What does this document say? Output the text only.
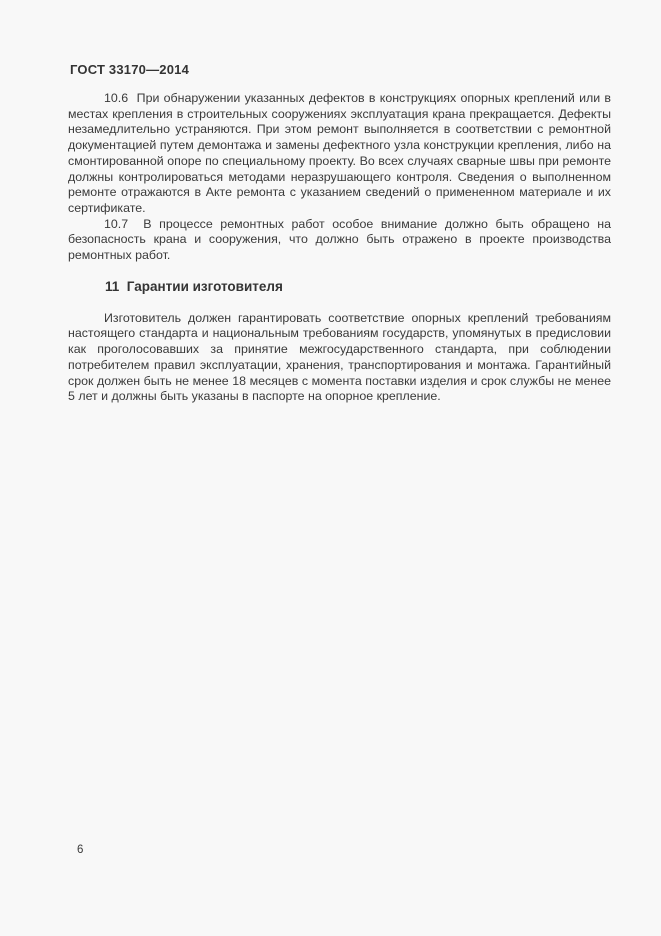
ГОСТ 33170—2014

10.6  При обнаружении указанных дефектов в конструкциях опорных креплений или в местах крепления в строительных сооружениях эксплуатация крана прекращается. Дефекты незамедлительно устраняются. При этом ремонт выполняется в соответствии с ремонтной документацией путем демонтажа и замены дефектного узла конструкции крепления, либо на смонтированной опоре по специальному проекту. Во всех случаях сварные швы при ремонте должны контролироваться методами неразрушающего контроля. Сведения о выполненном ремонте отражаются в Акте ремонта с указанием сведений о примененном материале и их сертификате.

10.7  В процессе ремонтных работ особое внимание должно быть обращено на безопасность крана и сооружения, что должно быть отражено в проекте производства ремонтных работ.

11  Гарантии изготовителя

Изготовитель должен гарантировать соответствие опорных креплений требованиям настоящего стандарта и национальным требованиям государств, упомянутых в предисловии как проголосовавших за принятие межгосударственного стандарта, при соблюдении потребителем правил эксплуатации, хранения, транспортирования и монтажа. Гарантийный срок должен быть не менее 18 месяцев с момента поставки изделия и срок службы не менее 5 лет и должны быть указаны в паспорте на опорное крепление.

6
